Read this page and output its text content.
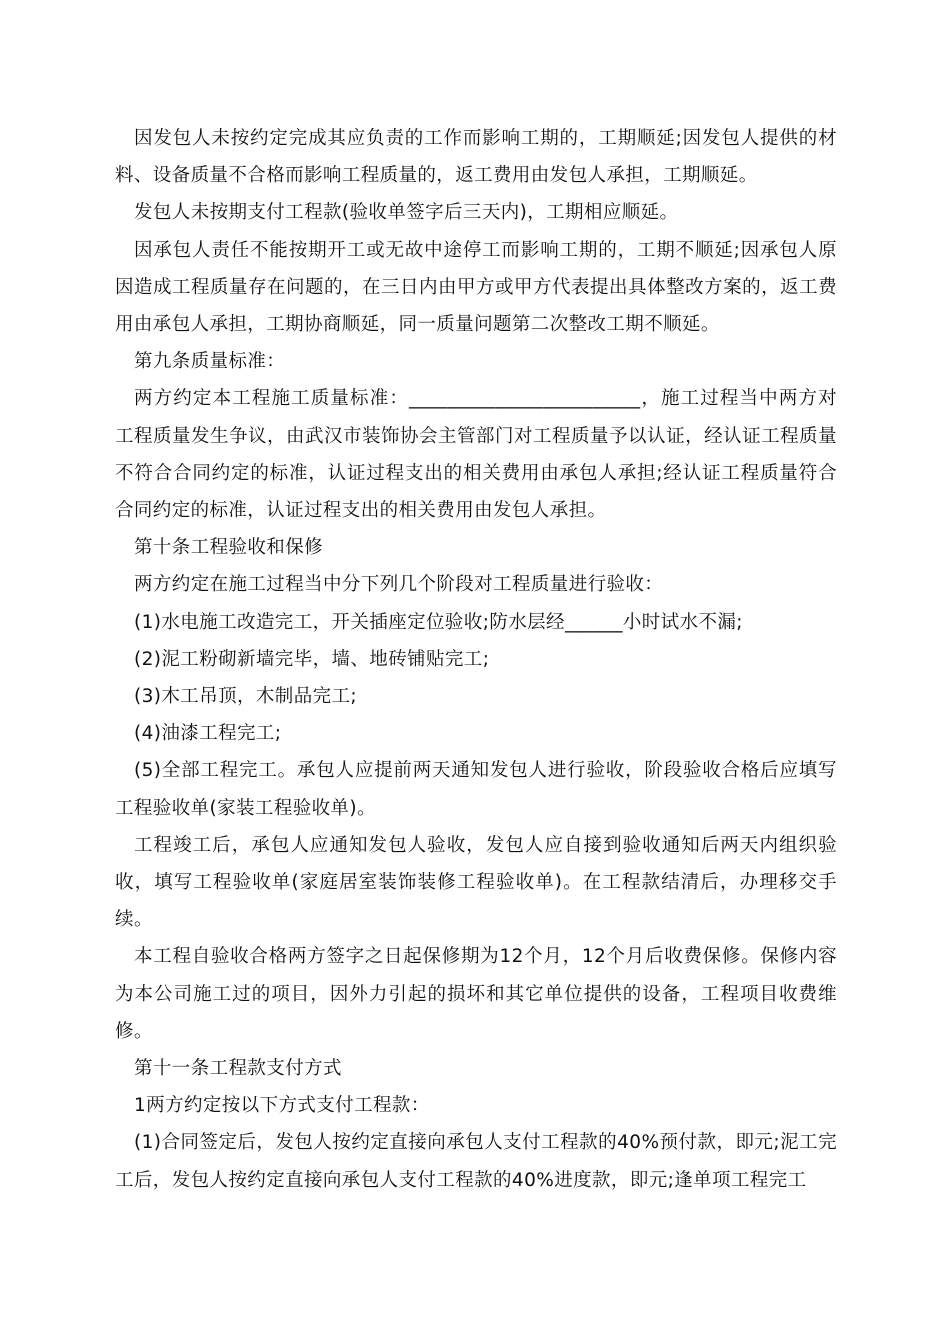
因发包人未按约定完成其应负责的工作而影响工期的，工期顺延;因发包人提供的材料、设备质量不合格而影响工程质量的，返工费用由发包人承担，工期顺延。

发包人未按期支付工程款(验收单签字后三天内)，工期相应顺延。

因承包人责任不能按期开工或无故中途停工而影响工期的，工期不顺延;因承包人原因造成工程质量存在问题的，在三日内由甲方或甲方代表提出具体整改方案的，返工费用由承包人承担，工期协商顺延，同一质量问题第二次整改工期不顺延。

第九条质量标准：

两方约定本工程施工质量标准：________________________，施工过程当中两方对工程质量发生争议，由武汉市装饰协会主管部门对工程质量予以认证，经认证工程质量不符合合同约定的标准，认证过程支出的相关费用由承包人承担;经认证工程质量符合合同约定的标准，认证过程支出的相关费用由发包人承担。

第十条工程验收和保修

两方约定在施工过程当中分下列几个阶段对工程质量进行验收：

(1)水电施工改造完工，开关插座定位验收;防水层经______小时试水不漏;

(2)泥工粉砌新墙完毕，墙、地砖铺贴完工;

(3)木工吊顶，木制品完工;

(4)油漆工程完工;

(5)全部工程完工。承包人应提前两天通知发包人进行验收，阶段验收合格后应填写工程验收单(家装工程验收单)。

工程竣工后，承包人应通知发包人验收，发包人应自接到验收通知后两天内组织验收，填写工程验收单(家庭居室装饰装修工程验收单)。在工程款结清后，办理移交手续。

本工程自验收合格两方签字之日起保修期为12个月，12个月后收费保修。保修内容为本公司施工过的项目，因外力引起的损坏和其它单位提供的设备，工程项目收费维修。

第十一条工程款支付方式

1两方约定按以下方式支付工程款：

(1)合同签定后，发包人按约定直接向承包人支付工程款的40%预付款，即元;泥工完工后，发包人按约定直接向承包人支付工程款的40%进度款，即元;逢单项工程完工
